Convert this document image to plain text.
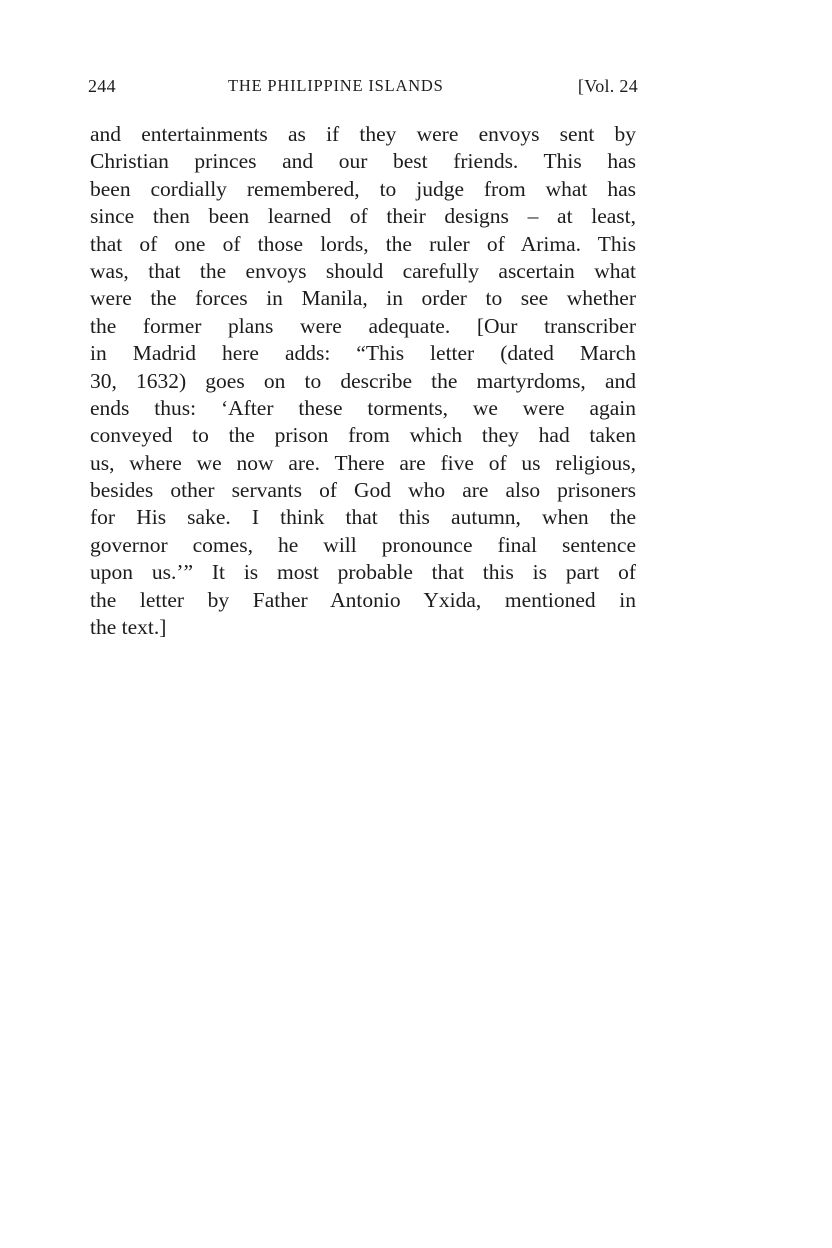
244	THE PHILIPPINE ISLANDS	[Vol. 24
and entertainments as if they were envoys sent by
Christian princes and our best friends. This has
been cordially remembered, to judge from what has
since then been learned of their designs – at least,
that of one of those lords, the ruler of Arima. This
was, that the envoys should carefully ascertain what
were the forces in Manila, in order to see whether
the former plans were adequate. [Our transcriber
in Madrid here adds: “This letter (dated March
30, 1632) goes on to describe the martyrdoms, and
ends thus: ‘After these torments, we were again
conveyed to the prison from which they had taken
us, where we now are. There are five of us religious,
besides other servants of God who are also prisoners
for His sake. I think that this autumn, when the
governor comes, he will pronounce final sentence
upon us.’” It is most probable that this is part of
the letter by Father Antonio Yxida, mentioned in
the text.]
